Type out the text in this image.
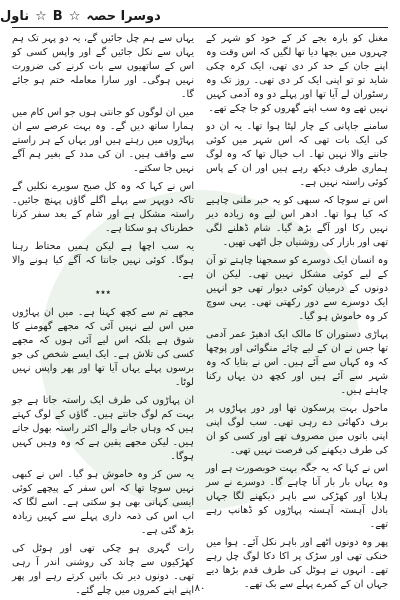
ناول ☆ B ☆ دوسرا حصہ

مغنل کو بارہ بجے کر کے خود کو شہر کے چہروں میں بچھا دیا تھا لگیں کہ اس وقت وہ اپنے جان کے حد کر دی تھی، ایک کرہ چکی شاید تو تو اپنی ایک کر دی تھی۔ روز تک وہ رسٹوران لے آیا تھا اور پہلے دو وہ آدمی کہیں نہیں تھے وہ سب اپنے گھروں کو جا چکے تھے۔

سامنے جاپانی کے چار لپٹا ہوا تھا۔ یہ ان دو کی ایک بات تھی کہ اس شہر میں کوئی جاننے والا نہیں تھا۔ اب خیال تھا کہ وہ لوگ ہماری طرف دیکھ رہے ہیں اور ان کے پاس کوئی راستہ نہیں ہے۔

اس نے سوچا کہ سبھی کو یہ خبر ملنی چاہیے کہ کیا ہوا تھا۔ ادھر اس لیے وہ زیادہ دیر نہیں رکا اور آگے بڑھ گیا۔ شام ڈھلنے لگی تھی اور بازار کی روشنیاں جل اٹھی تھیں۔

وہ انسان ایک دوسرے کو سمجھنا چاہتے تو آن کے لیے کوئی مشکل نہیں تھی۔ لیکن ان دونوں کے درمیان کوئی دیوار تھی جو انہیں ایک دوسرے سے دور رکھتی تھی۔ یہی سوچ کر وہ خاموش ہو گیا۔

پہاڑی دستوران کا مالک ایک ادھیڑ عمر آدمی تھا جس نے ان کے لیے چائے منگوائی اور پوچھا کہ وہ کہاں سے آئے ہیں۔ اس نے بتایا کہ وہ شہر سے آئے ہیں اور کچھ دن یہاں رکنا چاہتے ہیں۔

ماحول بہت پرسکون تھا اور دور پہاڑوں پر برف دکھائی دے رہی تھی۔ سب لوگ اپنی اپنی باتوں میں مصروف تھے اور کسی کو ان کی طرف دیکھنے کی فرصت نہیں تھی۔

اس نے کہا کہ یہ جگہ بہت خوبصورت ہے اور وہ یہاں بار بار آنا چاہے گا۔ دوسرے نے سر ہلایا اور کھڑکی سے باہر دیکھنے لگا جہاں بادل آہستہ آہستہ پہاڑوں کو ڈھانپ رہے تھے۔

پھر وہ دونوں اٹھے اور باہر نکل آئے۔ ہوا میں خنکی تھی اور سڑک پر اکا دکا لوگ چل رہے تھے۔ انہوں نے ہوٹل کی طرف قدم بڑھا دیے جہاں ان کے کمرے پہلے سے بک تھے۔

یہاں سے ہم چل جائیں گے، یہ دو پہر تک ہم یہاں سے نکل جائیں گے اور واپس کسی کو اس کے ساتھیوں سے بات کرنے کی ضرورت نہیں ہوگی۔ اور سارا معاملہ ختم ہو جائے گا۔

میں ان لوگوں کو جانتی ہوں جو اس کام میں ہمارا ساتھ دیں گے۔ وہ بہت عرصے سے ان پہاڑوں میں رہتے ہیں اور یہاں کے ہر راستے سے واقف ہیں۔ ان کی مدد کے بغیر ہم آگے نہیں جا سکتے۔

اس نے کہا کہ وہ کل صبح سویرے نکلیں گے تاکہ دوپہر سے پہلے اگلے گاؤں پہنچ جائیں۔ راستہ مشکل ہے اور شام کے بعد سفر کرنا خطرناک ہو سکتا ہے۔

یہ سب اچھا ہے لیکن ہمیں محتاط رہنا ہوگا۔ کوئی نہیں جانتا کہ آگے کیا ہونے والا ہے۔

٭٭٭

مجھے تم سے کچھ کہنا ہے۔ میں ان پہاڑوں میں اس لیے نہیں آئی کہ مجھے گھومنے کا شوق ہے بلکہ اس لیے آئی ہوں کہ مجھے کسی کی تلاش ہے۔ ایک ایسے شخص کی جو برسوں پہلے یہاں آیا تھا اور پھر واپس نہیں لوٹا۔

ان پہاڑوں کی طرف ایک راستہ جاتا ہے جو بہت کم لوگ جانتے ہیں۔ گاؤں کے لوگ کہتے ہیں کہ وہاں جانے والے اکثر راستہ بھول جاتے ہیں۔ لیکن مجھے یقین ہے کہ وہ وہیں کہیں ہوگا۔

یہ سن کر وہ خاموش ہو گیا۔ اس نے کبھی نہیں سوچا تھا کہ اس سفر کے پیچھے کوئی ایسی کہانی بھی ہو سکتی ہے۔ اسے لگا کہ اب اس کی ذمہ داری پہلے سے کہیں زیادہ بڑھ گئی ہے۔

رات گہری ہو چکی تھی اور ہوٹل کی کھڑکیوں سے چاند کی روشنی اندر آ رہی تھی۔ دونوں دیر تک باتیں کرتے رہے اور پھر اپنے اپنے کمروں میں چلے گئے۔ ۸۰
